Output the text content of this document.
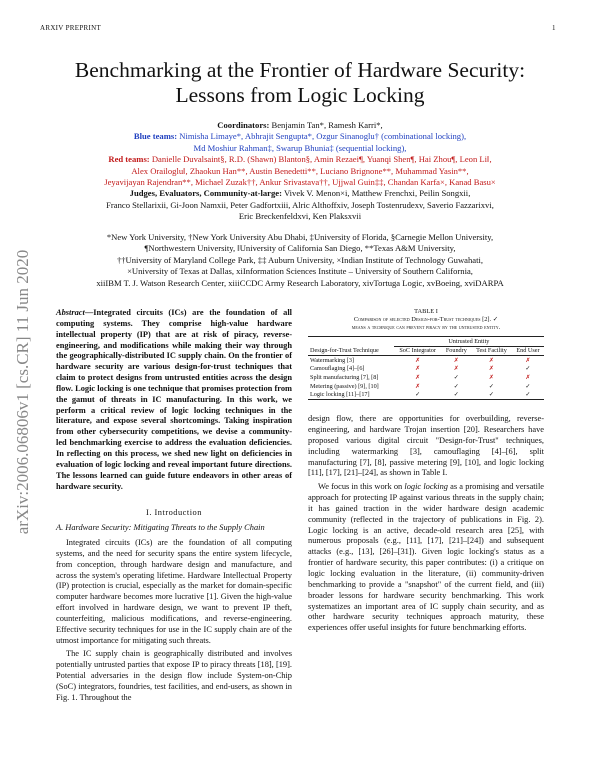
ARXIV PREPRINT	1
Benchmarking at the Frontier of Hardware Security:
Lessons from Logic Locking
Coordinators: Benjamin Tan*, Ramesh Karri*,
Blue teams: Nimisha Limaye*, Abhrajit Sengupta*, Ozgur Sinanoglu† (combinational locking),
Md Moshiur Rahman‡, Swarup Bhunia‡ (sequential locking),
Red teams: Danielle Duvalsaint§, R.D. (Shawn) Blanton§, Amin Rezaei¶, Yuanqi Shen¶, Hai Zhou¶, Leon Li‖,
Alex Orailoglu‖, Zhaokun Han**, Austin Benedetti**, Luciano Brignone**, Muhammad Yasin**,
Jeyavijayan Rajendran**, Michael Zuzak††, Ankur Srivastava††, Ujjwal Guin‡‡, Chandan Karfa×, Kanad Basu×
Judges, Evaluators, Community-at-large: Vivek V. Menon×i, Matthew Frenchxi, Peilin Songxii,
Franco Stellarixii, Gi-Joon Namxii, Peter Gadfortxiii, Alric Althoffxiv, Joseph Tostenrudexv, Saverio Fazzarixvi,
Eric Breckenfeldxvi, Ken Plaksxvii
*New York University, †New York University Abu Dhabi, ‡University of Florida, §Carnegie Mellon University,
¶Northwestern University, ‖University of California San Diego, **Texas A&M University,
††University of Maryland College Park, ‡‡ Auburn University, ×Indian Institute of Technology Guwahati,
×University of Texas at Dallas, xiInformation Sciences Institute – University of Southern California,
xiiIBM T. J. Watson Research Center, xiiiCCDC Army Research Laboratory, xivTortuga Logic, xvBoeing, xviDARPA
arXiv:2006.06806v1 [cs.CR] 11 Jun 2020	Abstract—Integrated circuits (ICs) are the foundation of all computing systems. They comprise high-value hardware intellectual property (IP) that are at risk of piracy, reverse-engineering, and modifications while making their way through the geographically-distributed IC supply chain. On the frontier of hardware security are various design-for-trust techniques that claim to protect designs from untrusted entities across the design flow. Logic locking is one technique that promises protection from the gamut of threats in IC manufacturing. In this work, we perform a critical review of logic locking techniques in the literature, and expose several shortcomings. Taking inspiration from other cybersecurity competitions, we devise a community-led benchmarking exercise to address the evaluation deficiencies. In reflecting on this process, we shed new light on deficiencies in evaluation of logic locking and reveal important future directions. The lessons learned can guide future endeavors in other areas of hardware security.
I. Introduction
A. Hardware Security: Mitigating Threats to the Supply Chain
Integrated circuits (ICs) are the foundation of all computing systems, and the need for security spans the entire system lifecycle, from conception, through hardware design and manufacture, and across the system's operating lifetime. Hardware Intellectual Property (IP) protection is crucial, especially as the market for domain-specific computer hardware becomes more lucrative [1]. Given the high-value effort involved in hardware design, we want to prevent IP theft, counterfeiting, malicious modifications, and reverse-engineering. Effective security techniques for use in the IC supply chain are of the utmost importance for mitigating such threats.
The IC supply chain is geographically distributed and involves potentially untrusted parties that expose IP to piracy threats [18], [19]. Potential adversaries in the design flow include System-on-Chip (SoC) integrators, foundries, test facilities, and end-users, as shown in Fig. 1. Throughout the
TABLE I
Comparison of selected Design-for-Trust techniques [2]. ✓
means a technique can prevent piracy by the untrusted entity.
	Untrusted Entity			
Design-for-Trust Technique	SoC Integrator	Foundry	Test Facility	End User
Watermarking [3]	✗	✗	✗	✗
Camouflaging [4]–[6]	✗	✗	✗	✓
Split manufacturing [7], [8]	✗	✓	✗	✗
Metering (passive) [9], [10]	✗	✓	✓	✓
Logic locking [11]–[17]	✓	✓	✓	✓
design flow, there are opportunities for overbuilding, reverse-engineering, and hardware Trojan insertion [20]. Researchers have proposed various digital circuit "Design-for-Trust" techniques, including watermarking [3], camouflaging [4]–[6], split manufacturing [7], [8], passive metering [9], [10], and logic locking [11], [17], [21]–[24], as shown in Table I.
We focus in this work on logic locking as a promising and versatile approach for protecting IP against various threats in the supply chain; it has gained traction in the wider hardware design academic community (reflected in the trajectory of publications in Fig. 2). Logic locking is an active, decade-old research area [25], with numerous proposals (e.g., [11], [17], [21]–[24]) and subsequent attacks (e.g., [13], [26]–[31]). Given logic locking's status as a frontier of hardware security, this paper contributes: (i) a critique on logic locking evaluation in the literature, (ii) community-driven benchmarking to provide a "snapshot" of the current field, and (iii) broader lessons for hardware security benchmarking. This work systematizes an important area of IC supply chain security, and as other hardware security techniques approach maturity, these experiences offer useful insights for future benchmarking efforts.
